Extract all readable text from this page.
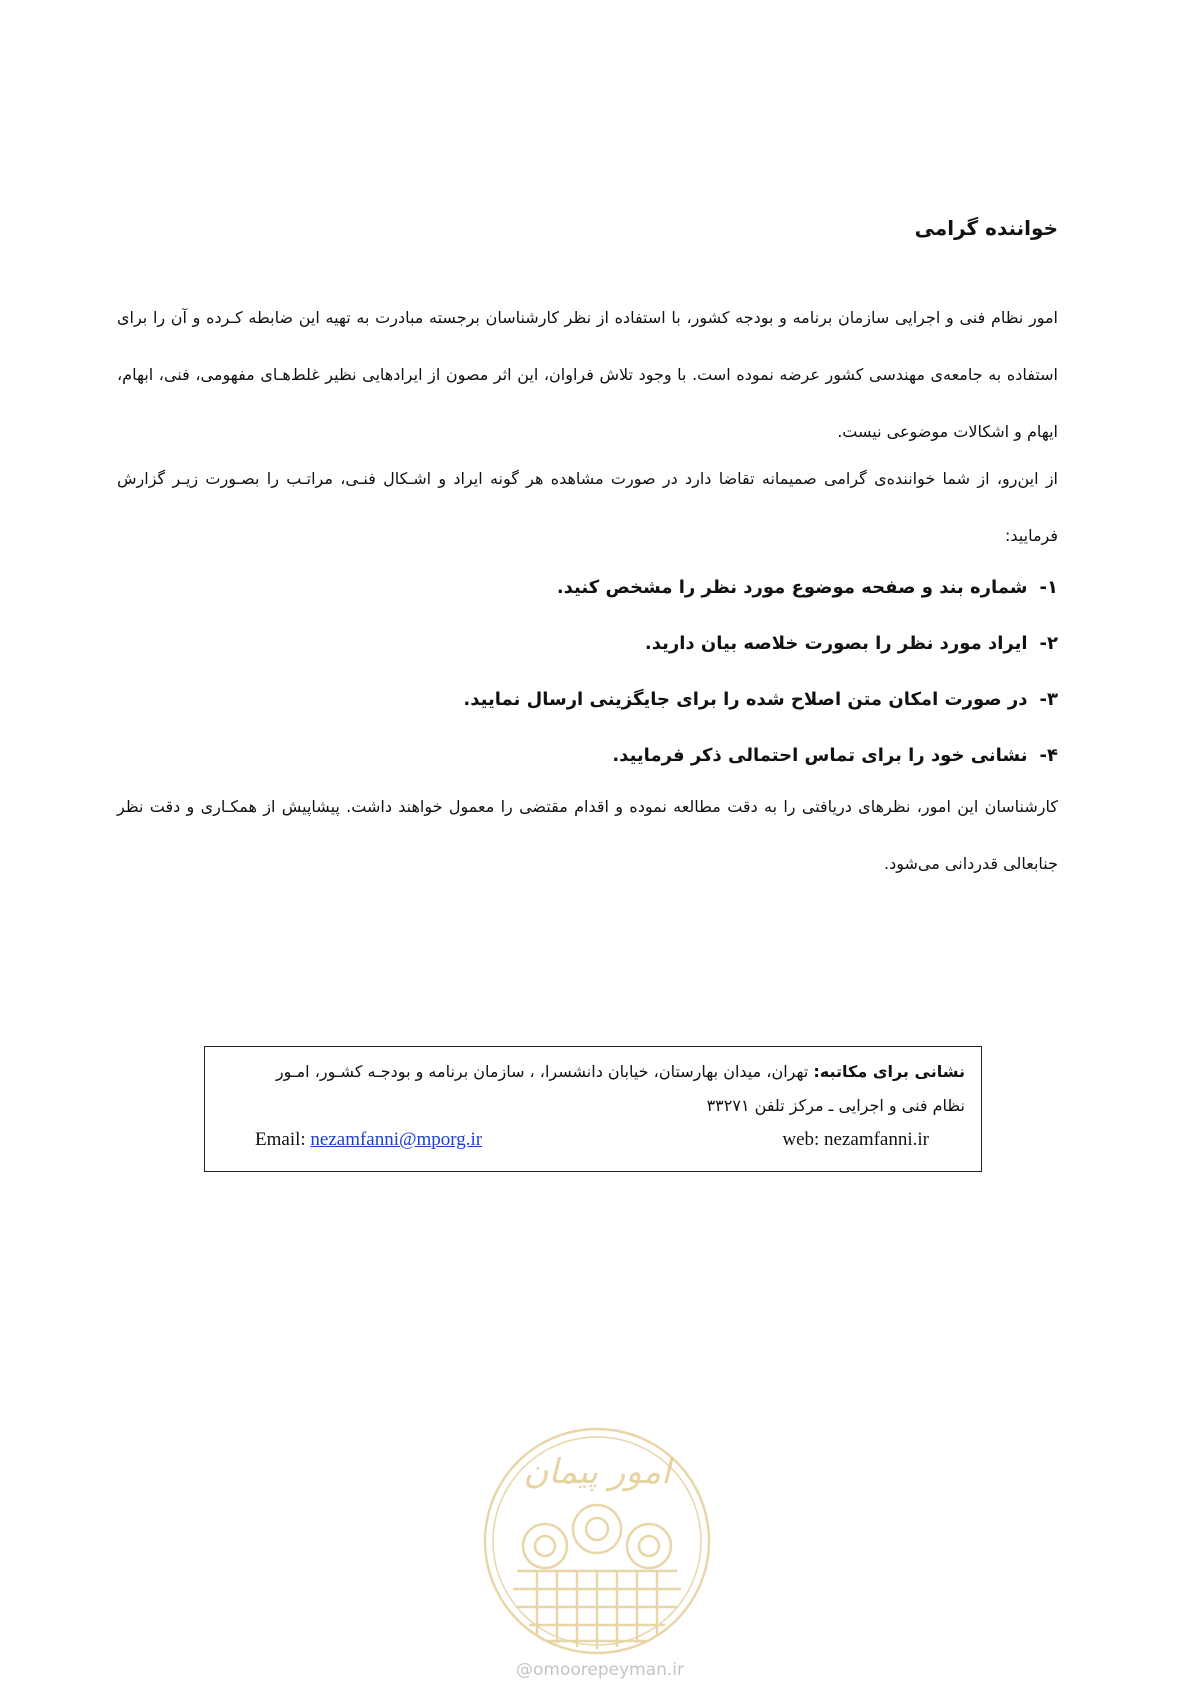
خواننده گرامی
امور نظام فنی و اجرایی سازمان برنامه و بودجه کشور، با استفاده از نظر کارشناسان برجسته مبادرت به تهیه این ضابطه کـرده و آن را برای استفاده به جامعه‌ی مهندسی کشور عرضه نموده است. با وجود تلاش فراوان، این اثر مصون از ایرادهایی نظیر غلط‌هـای مفهومی، فنی، ابهام، ایهام و اشکالات موضوعی نیست.
از این‌رو، از شما خواننده‌ی گرامی صمیمانه تقاضا دارد در صورت مشاهده هر گونه ایراد و اشـکال فنـی، مراتـب را بصـورت زیـر گزارش فرمایید:
۱-شماره بند و صفحه موضوع مورد نظر را مشخص کنید.
۲-ایراد مورد نظر را بصورت خلاصه بیان دارید.
۳-در صورت امکان متن اصلاح شده را برای جایگزینی ارسال نمایید.
۴-نشانی خود را برای تماس احتمالی ذکر فرمایید.
کارشناسان این امور، نظرهای دریافتی را به دقت مطالعه نموده و اقدام مقتضی را معمول خواهند داشت. پیشاپیش از همکـاری و دقت نظر جنابعالی قدردانی می‌شود.
نشانی برای مکاتبه: تهران، میدان بهارستان، خیابان دانشسرا، ، سازمان برنامه و بودجـه کشـور، امـور
نظام فنی و اجرایی ـ مرکز تلفن ۳۳۲۷۱
Email: nezamfanni@mporg.ir	web: nezamfanni.ir
امور پیمان
@omoorepeyman.ir
